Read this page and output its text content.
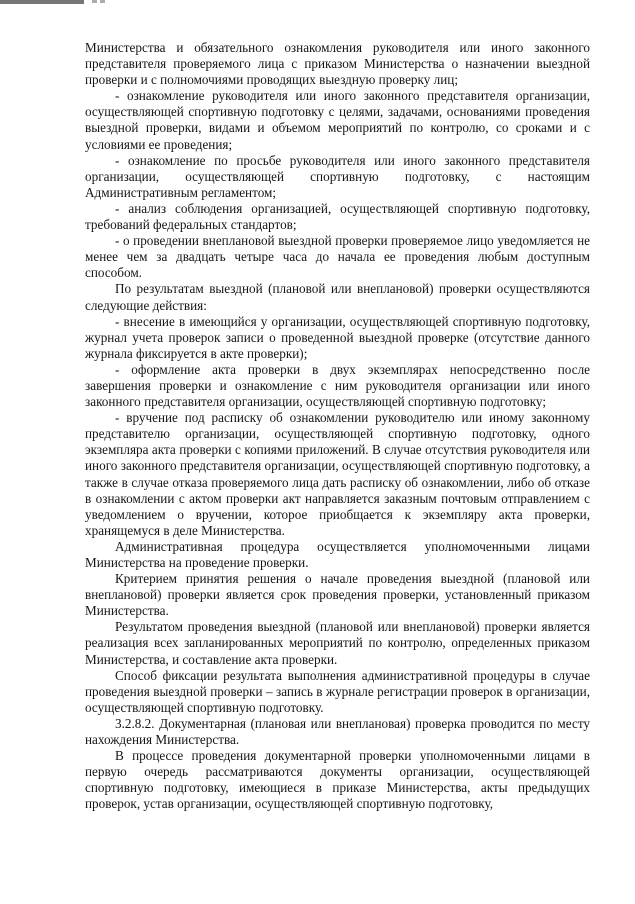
Министерства и обязательного ознакомления руководителя или иного законного представителя проверяемого лица с приказом Министерства о назначении выездной проверки и с полномочиями проводящих выездную проверку лиц;

- ознакомление руководителя или иного законного представителя организации, осуществляющей спортивную подготовку с целями, задачами, основаниями проведения выездной проверки, видами и объемом мероприятий по контролю, со сроками и с условиями ее проведения;

- ознакомление по просьбе руководителя или иного законного представителя организации, осуществляющей спортивную подготовку, с настоящим Административным регламентом;

- анализ соблюдения организацией, осуществляющей спортивную подготовку, требований федеральных стандартов;

- о проведении внеплановой выездной проверки проверяемое лицо уведомляется не менее чем за двадцать четыре часа до начала ее проведения любым доступным способом.

По результатам выездной (плановой или внеплановой) проверки осуществляются следующие действия:

- внесение в имеющийся у организации, осуществляющей спортивную подготовку, журнал учета проверок записи о проведенной выездной проверке (отсутствие данного журнала фиксируется в акте проверки);

- оформление акта проверки в двух экземплярах непосредственно после завершения проверки и ознакомление с ним руководителя организации или иного законного представителя организации, осуществляющей спортивную подготовку;

- вручение под расписку об ознакомлении руководителю или иному законному представителю организации, осуществляющей спортивную подготовку, одного экземпляра акта проверки с копиями приложений. В случае отсутствия руководителя или иного законного представителя организации, осуществляющей спортивную подготовку, а также в случае отказа проверяемого лица дать расписку об ознакомлении, либо об отказе в ознакомлении с актом проверки акт направляется заказным почтовым отправлением с уведомлением о вручении, которое приобщается к экземпляру акта проверки, хранящемуся в деле Министерства.

Административная процедура осуществляется уполномоченными лицами Министерства на проведение проверки.

Критерием принятия решения о начале проведения выездной (плановой или внеплановой) проверки является срок проведения проверки, установленный приказом Министерства.

Результатом проведения выездной (плановой или внеплановой) проверки является реализация всех запланированных мероприятий по контролю, определенных приказом Министерства, и составление акта проверки.

Способ фиксации результата выполнения административной процедуры в случае проведения выездной проверки – запись в журнале регистрации проверок в организации, осуществляющей спортивную подготовку.

3.2.8.2. Документарная (плановая или внеплановая) проверка проводится по месту нахождения Министерства.

В процессе проведения документарной проверки уполномоченными лицами в первую очередь рассматриваются документы организации, осуществляющей спортивную подготовку, имеющиеся в приказе Министерства, акты предыдущих проверок, устав организации, осуществляющей спортивную подготовку,
